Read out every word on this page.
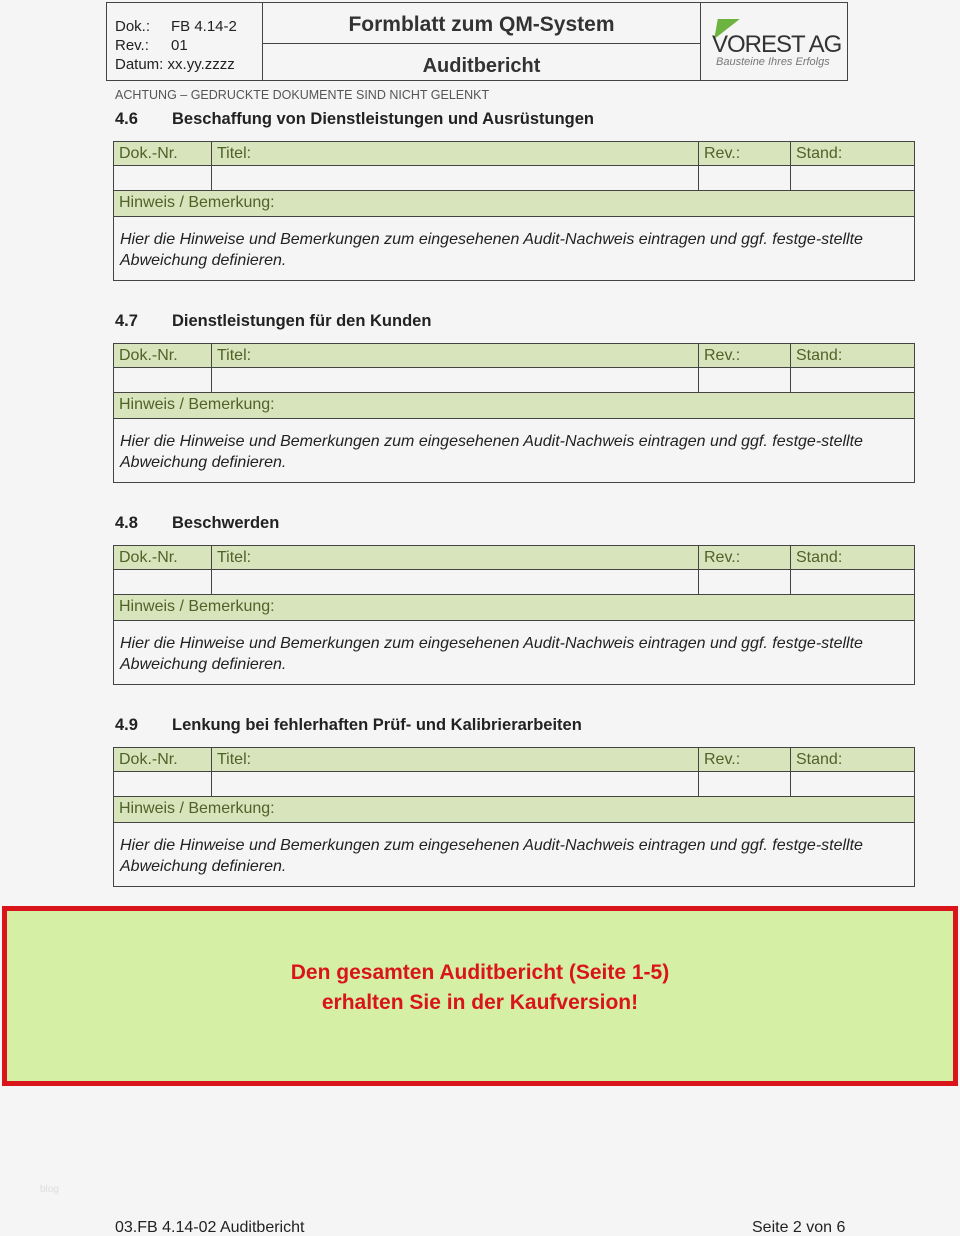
Dok.: FB 4.14-2
Rev.: 01
Datum: xx.yy.zzzz
Formblatt zum QM-System
Auditbericht
VOREST AG
Bausteine Ihres Erfolgs
ACHTUNG – GEDRUCKTE DOKUMENTE SIND NICHT GELENKT
4.6 Beschaffung von Dienstleistungen und Ausrüstungen
Dok.-Nr.	Titel:	Rev.:	Stand:
Hinweis / Bemerkung:
Hier die Hinweise und Bemerkungen zum eingesehenen Audit-Nachweis eintragen und ggf. festge-stellte Abweichung definieren.
4.7 Dienstleistungen für den Kunden
Dok.-Nr.	Titel:	Rev.:	Stand:
Hinweis / Bemerkung:
Hier die Hinweise und Bemerkungen zum eingesehenen Audit-Nachweis eintragen und ggf. festge-stellte Abweichung definieren.
4.8 Beschwerden
Dok.-Nr.	Titel:	Rev.:	Stand:
Hinweis / Bemerkung:
Hier die Hinweise und Bemerkungen zum eingesehenen Audit-Nachweis eintragen und ggf. festge-stellte Abweichung definieren.
4.9 Lenkung bei fehlerhaften Prüf- und Kalibrierarbeiten
Dok.-Nr.	Titel:	Rev.:	Stand:
Hinweis / Bemerkung:
Hier die Hinweise und Bemerkungen zum eingesehenen Audit-Nachweis eintragen und ggf. festge-stellte Abweichung definieren.
Den gesamten Auditbericht (Seite 1-5)
erhalten Sie in der Kaufversion!
blog
03.FB 4.14-02 Auditbericht	Seite 2 von 6
